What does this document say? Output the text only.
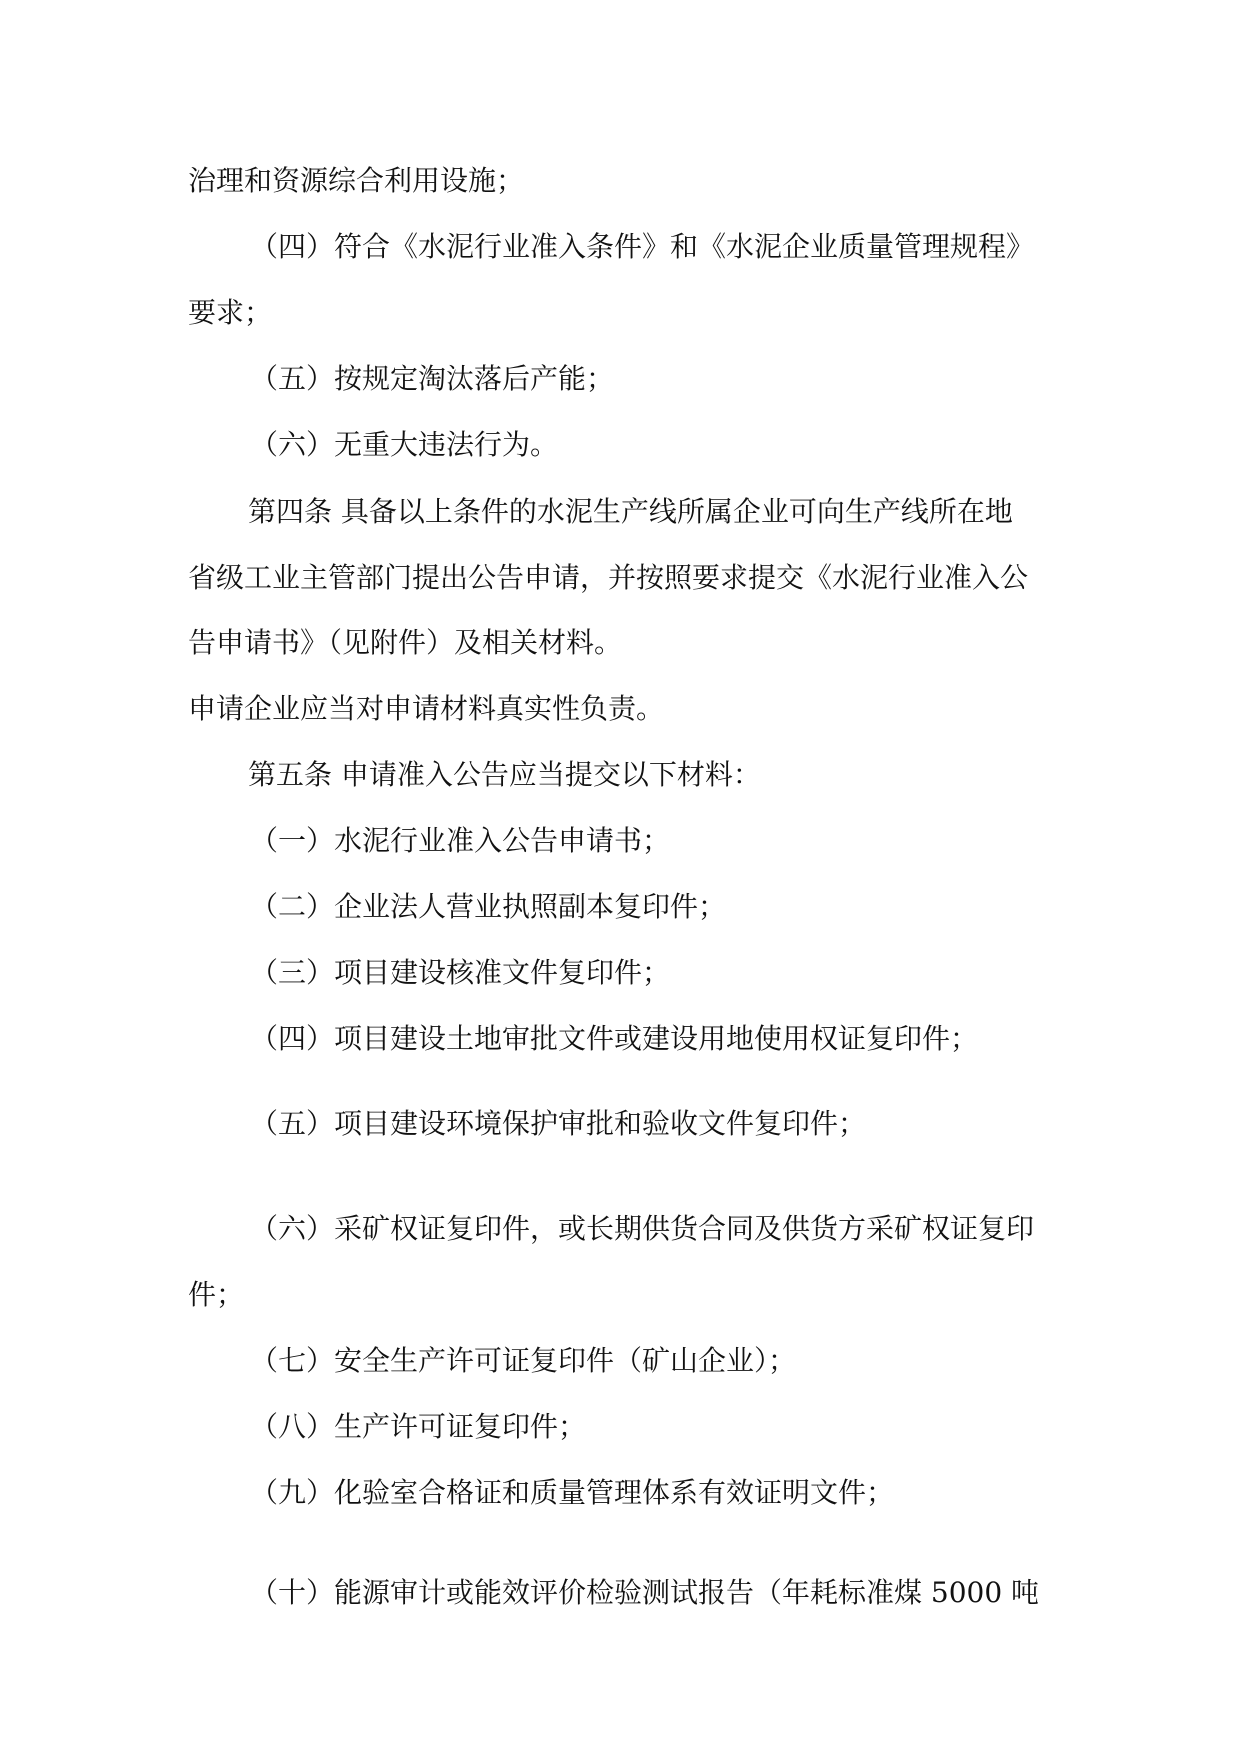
治理和资源综合利用设施；
（四）符合《水泥行业准入条件》和《水泥企业质量管理规程》
要求；
（五）按规定淘汰落后产能；
（六）无重大违法行为。
第四条 具备以上条件的水泥生产线所属企业可向生产线所在地
省级工业主管部门提出公告申请，并按照要求提交《水泥行业准入公
告申请书》（见附件）及相关材料。
申请企业应当对申请材料真实性负责。
第五条 申请准入公告应当提交以下材料：
（一）水泥行业准入公告申请书；
（二）企业法人营业执照副本复印件；
（三）项目建设核准文件复印件；
（四）项目建设土地审批文件或建设用地使用权证复印件；
（五）项目建设环境保护审批和验收文件复印件；
（六）采矿权证复印件，或长期供货合同及供货方采矿权证复印
件；
（七）安全生产许可证复印件（矿山企业）；
（八）生产许可证复印件；
（九）化验室合格证和质量管理体系有效证明文件；
（十）能源审计或能效评价检验测试报告（年耗标准煤 5000 吨
